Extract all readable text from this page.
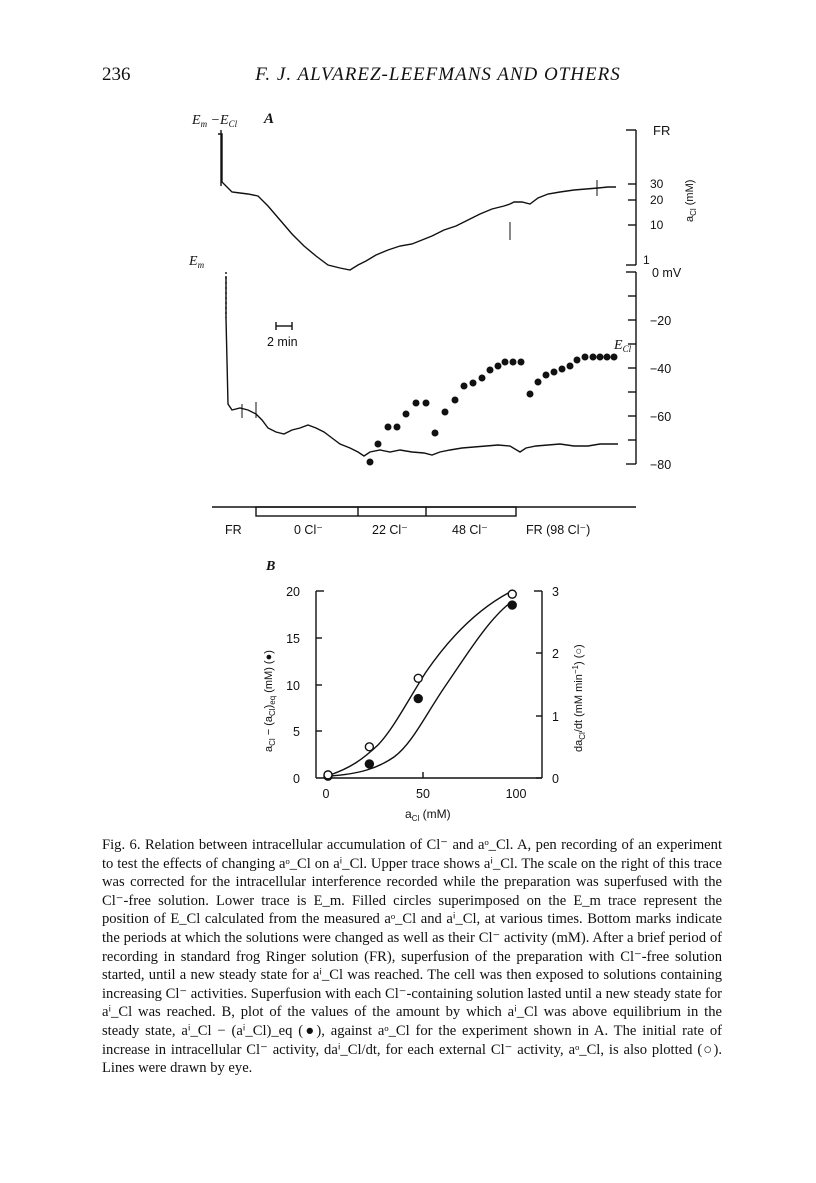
236	F. J. ALVAREZ-LEEFMANS AND OTHERS
A
$E_m -E_{Cl}$
$E_m$
FR
30
20
10
1
$a_{Cl}$ (mM)
2 min	$E_{Cl}$
0 mV
−20
−40
−60
−80
FR	0 Cl⁻	22 Cl⁻	48 Cl⁻	FR (98 Cl⁻)
B
20
15
10
5
0
3
2
1
0
0	50	100
$a_{Cl}$ (mM)
$a_{Cl} - (a_{Cl})_{eq}$ (mM) (●)
$da_{Cl}/dt$ (mM $\min^{-1}$) (○)
Fig. 6. Relation between intracellular accumulation of Cl⁻ and aᵒ_Cl. A, pen recording of an experiment to test the effects of changing aᵒ_Cl on aⁱ_Cl. Upper trace shows aⁱ_Cl. The scale on the right of this trace was corrected for the intracellular interference recorded while the preparation was superfused with the Cl⁻-free solution. Lower trace is E_m. Filled circles superimposed on the E_m trace represent the position of E_Cl calculated from the measured aᵒ_Cl and aⁱ_Cl, at various times. Bottom marks indicate the periods at which the solutions were changed as well as their Cl⁻ activity (mM). After a brief period of recording in standard frog Ringer solution (FR), superfusion of the preparation with Cl⁻-free solution started, until a new steady state for aⁱ_Cl was reached. The cell was then exposed to solutions containing increasing Cl⁻ activities. Superfusion with each Cl⁻-containing solution lasted until a new steady state for aⁱ_Cl was reached. B, plot of the values of the amount by which aⁱ_Cl was above equilibrium in the steady state, aⁱ_Cl − (aⁱ_Cl)_eq (●), against aᵒ_Cl for the experiment shown in A. The initial rate of increase in intracellular Cl⁻ activity, daⁱ_Cl/dt, for each external Cl⁻ activity, aᵒ_Cl, is also plotted (○). Lines were drawn by eye.
